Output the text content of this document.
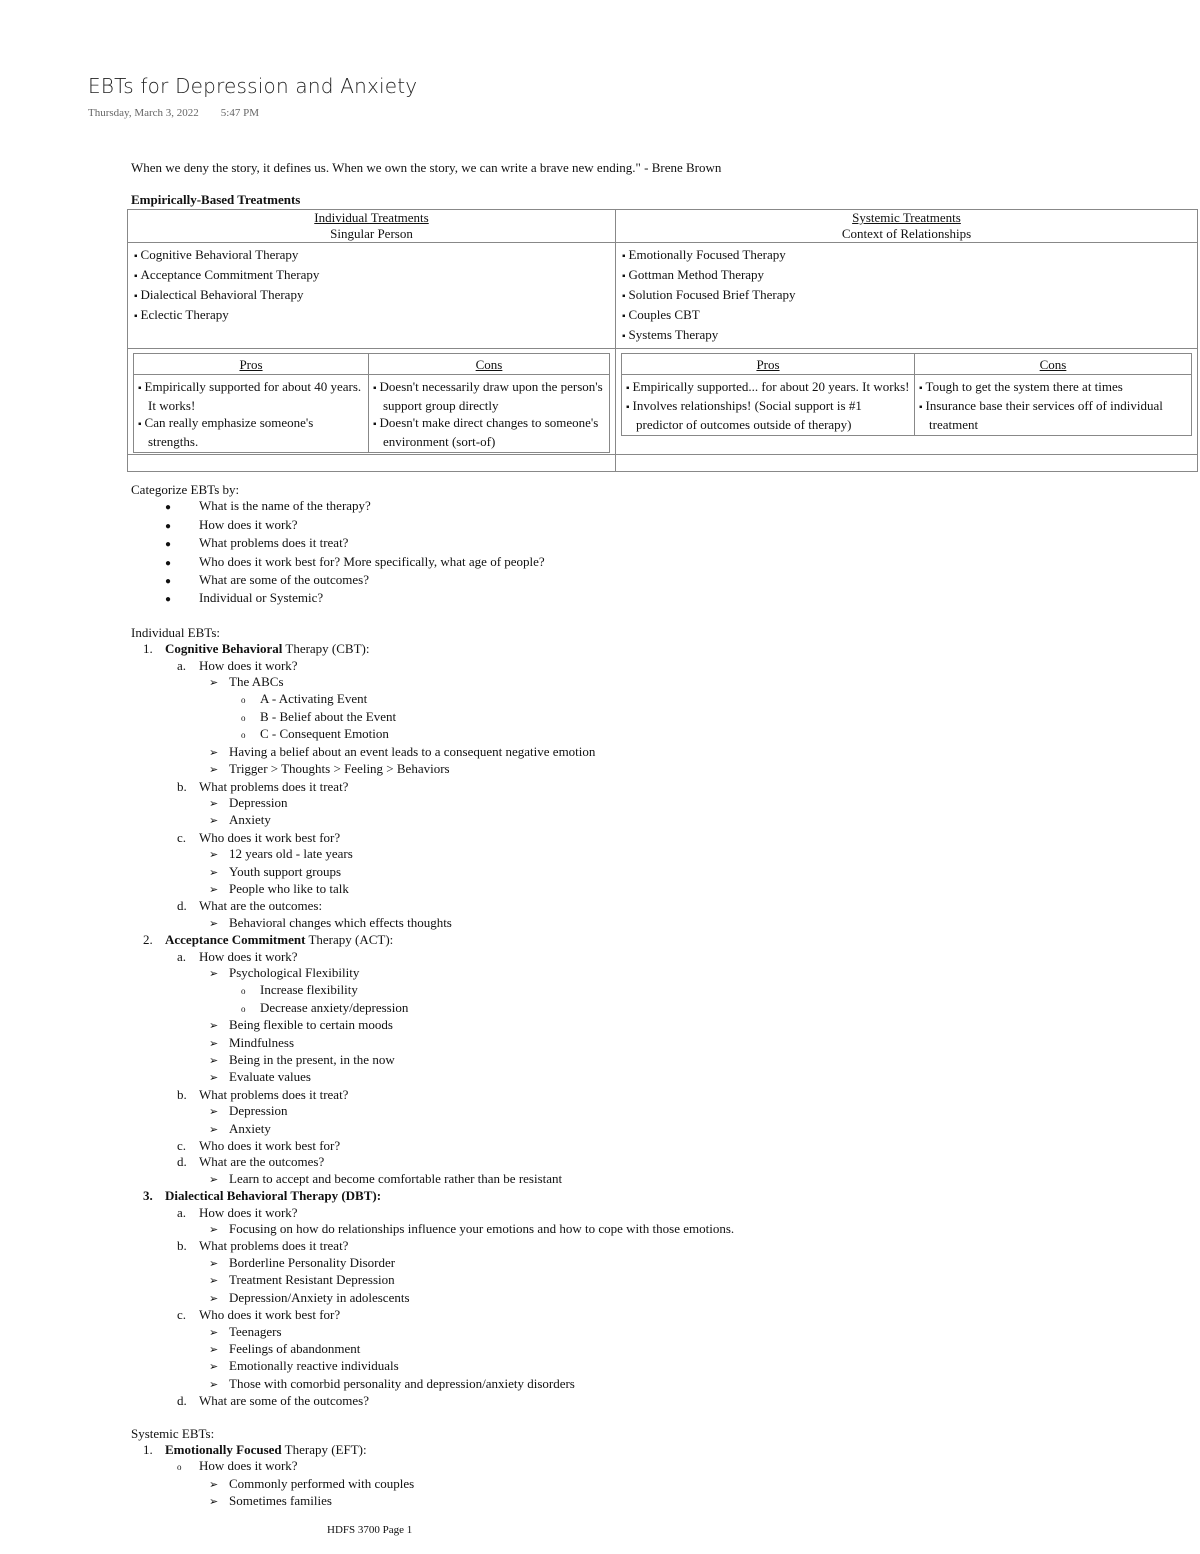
EBTs for Depression and Anxiety
Thursday, March 3, 2022 5:47 PM
When we deny the story, it defines us. When we own the story, we can write a brave new ending." - Brene Brown
Empirically-Based Treatments
Individual Treatments
Singular Person

Systemic Treatments
Context of Relationships

▪ Cognitive Behavioral Therapy
▪ Acceptance Commitment Therapy
▪ Dialectical Behavioral Therapy
▪ Eclectic Therapy

▪ Emotionally Focused Therapy
▪ Gottman Method Therapy
▪ Solution Focused Brief Therapy
▪ Couples CBT
▪ Systems Therapy

Pros	Cons

▪ Empirically supported for about 40 years. It works!
▪ Can really emphasize someone's strengths.

▪ Doesn't necessarily draw upon the person's support group directly
▪ Doesn't make direct changes to someone's environment (sort-of)

Pros	Cons

▪ Empirically supported... for about 20 years. It works!
▪ Involves relationships! (Social support is #1 predictor of outcomes outside of therapy)

▪ Tough to get the system there at times
▪ Insurance base their services off of individual treatment

Categorize EBTs by:
● What is the name of the therapy?
● How does it work?
● What problems does it treat?
● Who does it work best for? More specifically, what age of people?
● What are some of the outcomes?
● Individual or Systemic?
Individual EBTs:
1. Cognitive Behavioral Therapy (CBT):
a. How does it work?
➢ The ABCs
o A - Activating Event
o B - Belief about the Event
o C - Consequent Emotion
➢ Having a belief about an event leads to a consequent negative emotion
➢ Trigger > Thoughts > Feeling > Behaviors
b. What problems does it treat?
➢ Depression
➢ Anxiety
c. Who does it work best for?
➢ 12 years old - late years
➢ Youth support groups
➢ People who like to talk
d. What are the outcomes:
➢ Behavioral changes which effects thoughts
2. Acceptance Commitment Therapy (ACT):
a. How does it work?
➢ Psychological Flexibility
o Increase flexibility
o Decrease anxiety/depression
➢ Being flexible to certain moods
➢ Mindfulness
➢ Being in the present, in the now
➢ Evaluate values
b. What problems does it treat?
➢ Depression
➢ Anxiety
c. Who does it work best for?
d. What are the outcomes?
➢ Learn to accept and become comfortable rather than be resistant
3. Dialectical Behavioral Therapy (DBT):
a. How does it work?
➢ Focusing on how do relationships influence your emotions and how to cope with those emotions.
b. What problems does it treat?
➢ Borderline Personality Disorder
➢ Treatment Resistant Depression
➢ Depression/Anxiety in adolescents
c. Who does it work best for?
➢ Teenagers
➢ Feelings of abandonment
➢ Emotionally reactive individuals
➢ Those with comorbid personality and depression/anxiety disorders
d. What are some of the outcomes?
Systemic EBTs:
1. Emotionally Focused Therapy (EFT):
o How does it work?
➢ Commonly performed with couples
➢ Sometimes families
HDFS 3700 Page 1
